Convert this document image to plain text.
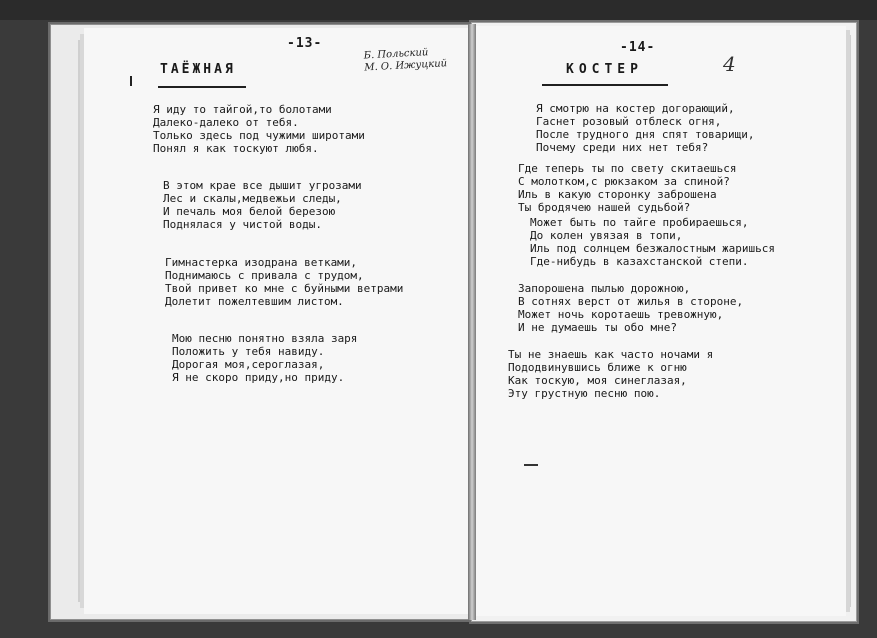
-13-
ТАЁЖНАЯ
Б. Польский
М. О. Ижуцкий
Я иду то тайгой,то болотами
Далеко-далеко от тебя.
Только здесь под чужими широтами
Понял я как тоскуют любя.
В этом крае все дышит угрозами
Лес и скалы,медвежьи следы,
И печаль моя белой березою
Поднялася у чистой воды.
Гимнастерка изодрана ветками,
Поднимаюсь с привала с трудом,
Твой привет ко мне с буйными ветрами
Долетит пожелтевшим листом.
Мою песню понятно взяла заря
Положить у тебя навиду.
Дорогая моя,сероглазая,
Я не скоро приду,но приду.
-14-
4
КОСТЕР
Я смотрю на костер догорающий,
Гаснет розовый отблеск огня,
После трудного дня спят товарищи,
Почему среди них нет тебя?
Где теперь ты по свету скитаешься
С молотком,с рюкзаком за спиной?
Иль в какую сторонку заброшена
Ты бродячею нашей судьбой?
Может быть по тайге пробираешься,
До колен увязая в топи,
Иль под солнцем безжалостным жаришься
Где-нибудь в казахстанской степи.
Запорошена пылью дорожною,
В сотнях верст от жилья в стороне,
Может ночь коротаешь тревожную,
И не думаешь ты обо мне?
Ты не знаешь как часто ночами я
Пододвинувшись ближе к огню
Как тоскую, моя синеглазая,
Эту грустную песню пою.
